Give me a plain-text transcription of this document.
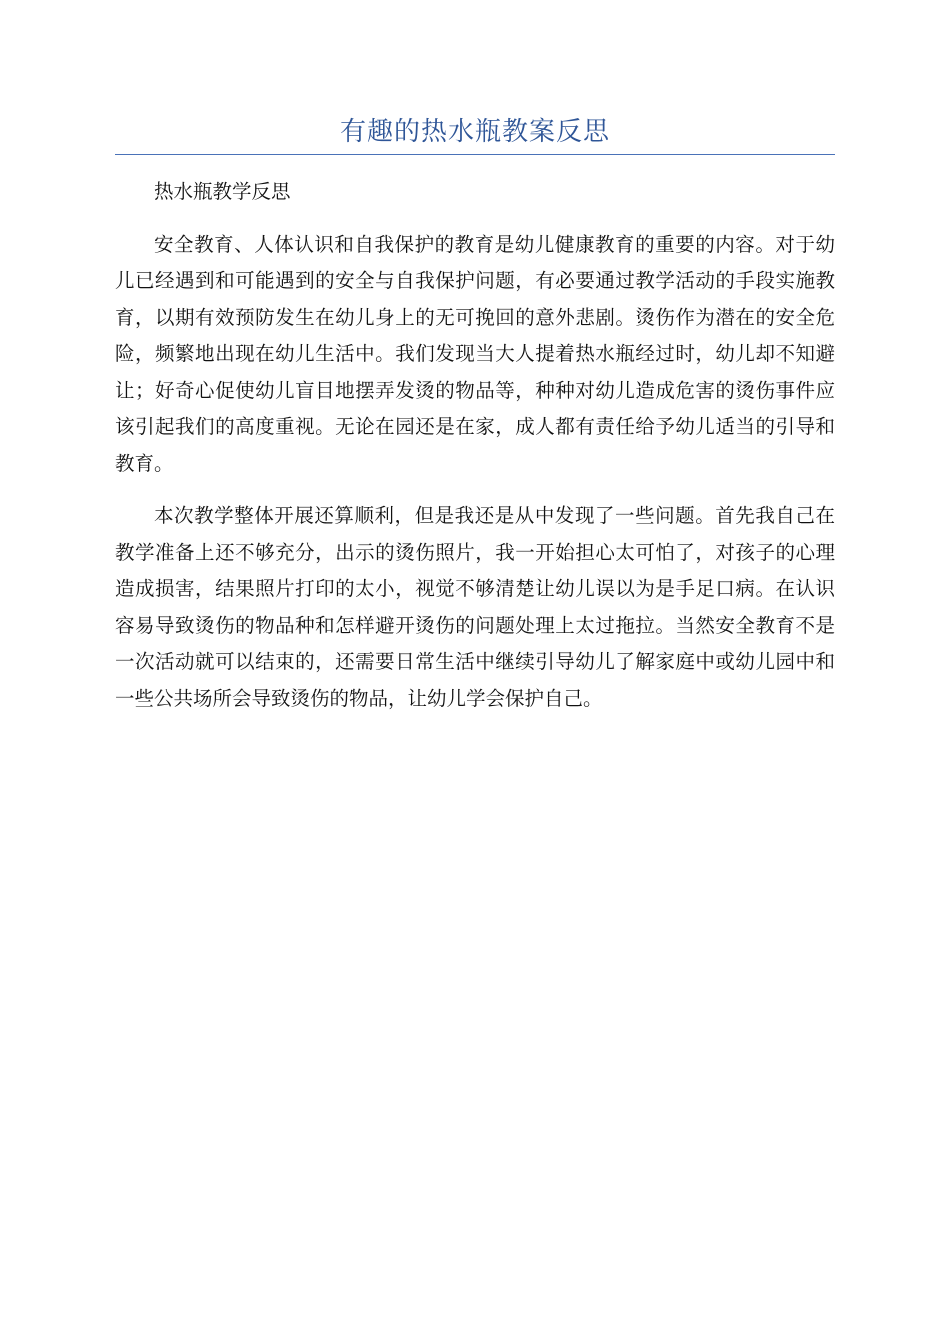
有趣的热水瓶教案反思

热水瓶教学反思

安全教育、人体认识和自我保护的教育是幼儿健康教育的重要的内容。对于幼儿已经遇到和可能遇到的安全与自我保护问题，有必要通过教学活动的手段实施教育，以期有效预防发生在幼儿身上的无可挽回的意外悲剧。烫伤作为潜在的安全危险，频繁地出现在幼儿生活中。我们发现当大人提着热水瓶经过时，幼儿却不知避让；好奇心促使幼儿盲目地摆弄发烫的物品等，种种对幼儿造成危害的烫伤事件应该引起我们的高度重视。无论在园还是在家，成人都有责任给予幼儿适当的引导和教育。

本次教学整体开展还算顺利，但是我还是从中发现了一些问题。首先我自己在教学准备上还不够充分，出示的烫伤照片，我一开始担心太可怕了，对孩子的心理造成损害，结果照片打印的太小，视觉不够清楚让幼儿误以为是手足口病。在认识容易导致烫伤的物品种和怎样避开烫伤的问题处理上太过拖拉。当然安全教育不是一次活动就可以结束的，还需要日常生活中继续引导幼儿了解家庭中或幼儿园中和一些公共场所会导致烫伤的物品，让幼儿学会保护自己。
